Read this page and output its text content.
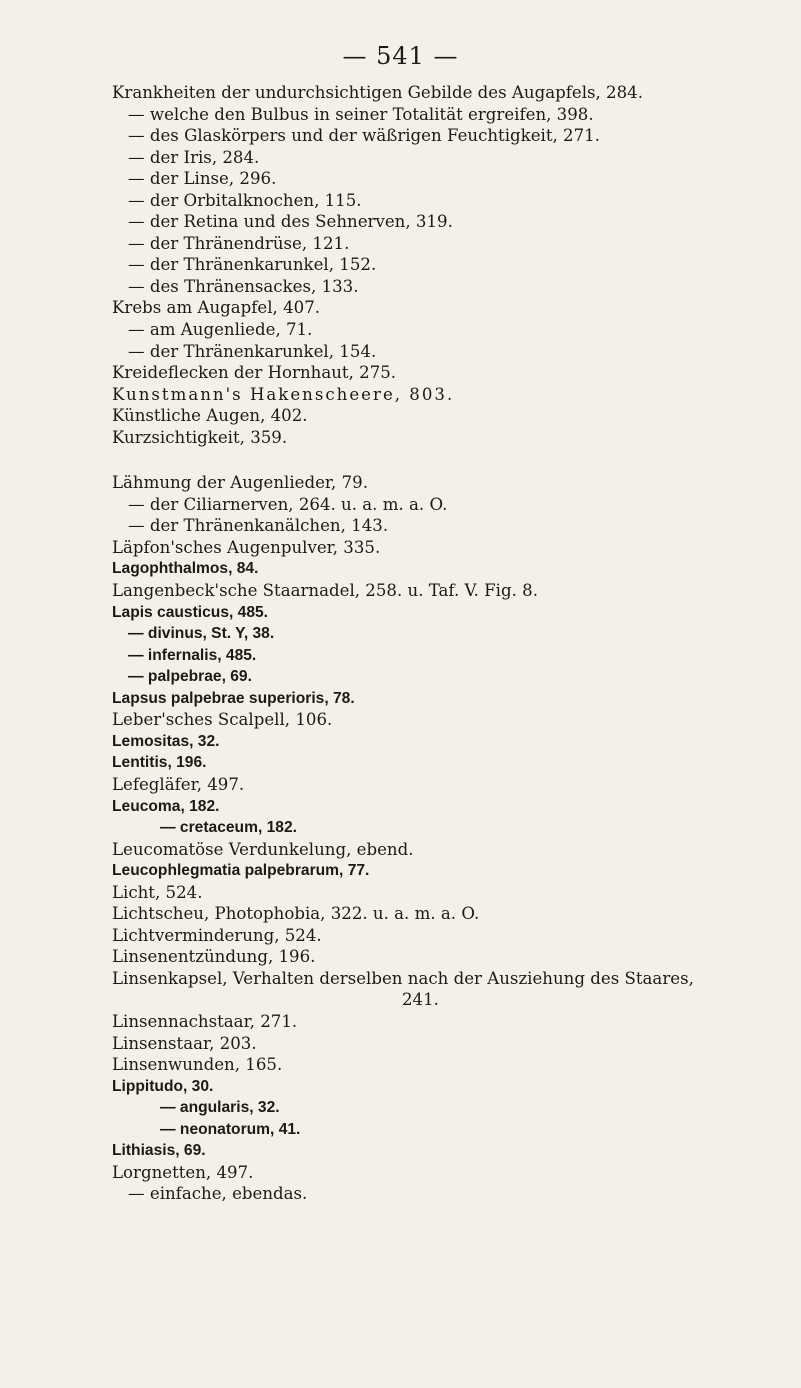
— 541 —
Krankheiten der undurchsichtigen Gebilde des Augapfels, 284.
— welche den Bulbus in seiner Totalität ergreifen, 398.
— des Glaskörpers und der wäßrigen Feuchtigkeit, 271.
— der Iris, 284.
— der Linse, 296.
— der Orbitalknochen, 115.
— der Retina und des Sehnerven, 319.
— der Thränendrüse, 121.
— der Thränenkarunkel, 152.
— des Thränensackes, 133.
Krebs am Augapfel, 407.
— am Augenliede, 71.
— der Thränenkarunkel, 154.
Kreideflecken der Hornhaut, 275.
Kunstmann's Hakenscheere, 803.
Künstliche Augen, 402.
Kurzsichtigkeit, 359.
Lähmung der Augenlieder, 79.
— der Ciliarnerven, 264. u. a. m. a. O.
— der Thränenkanälchen, 143.
Läpfon'sches Augenpulver, 335.
Lagophthalmos, 84.
Langenbeck'sche Staarnadel, 258. u. Taf. V. Fig. 8.
Lapis causticus, 485.
— divinus, St. Y, 38.
— infernalis, 485.
— palpebrae, 69.
Lapsus palpebrae superioris, 78.
Leber'sches Scalpell, 106.
Lemositas, 32.
Lentitis, 196.
Lefegläfer, 497.
Leucoma, 182.
— cretaceum, 182.
Leucomatöse Verdunkelung, ebend.
Leucophlegmatia palpebrarum, 77.
Licht, 524.
Lichtscheu, Photophobia, 322. u. a. m. a. O.
Lichtverminderung, 524.
Linsenentzündung, 196.
Linsenkapsel, Verhalten derselben nach der Ausziehung des Staares,
241.
Linsennachstaar, 271.
Linsenstaar, 203.
Linsenwunden, 165.
Lippitudo, 30.
— angularis, 32.
— neonatorum, 41.
Lithiasis, 69.
Lorgnetten, 497.
— einfache, ebendas.
